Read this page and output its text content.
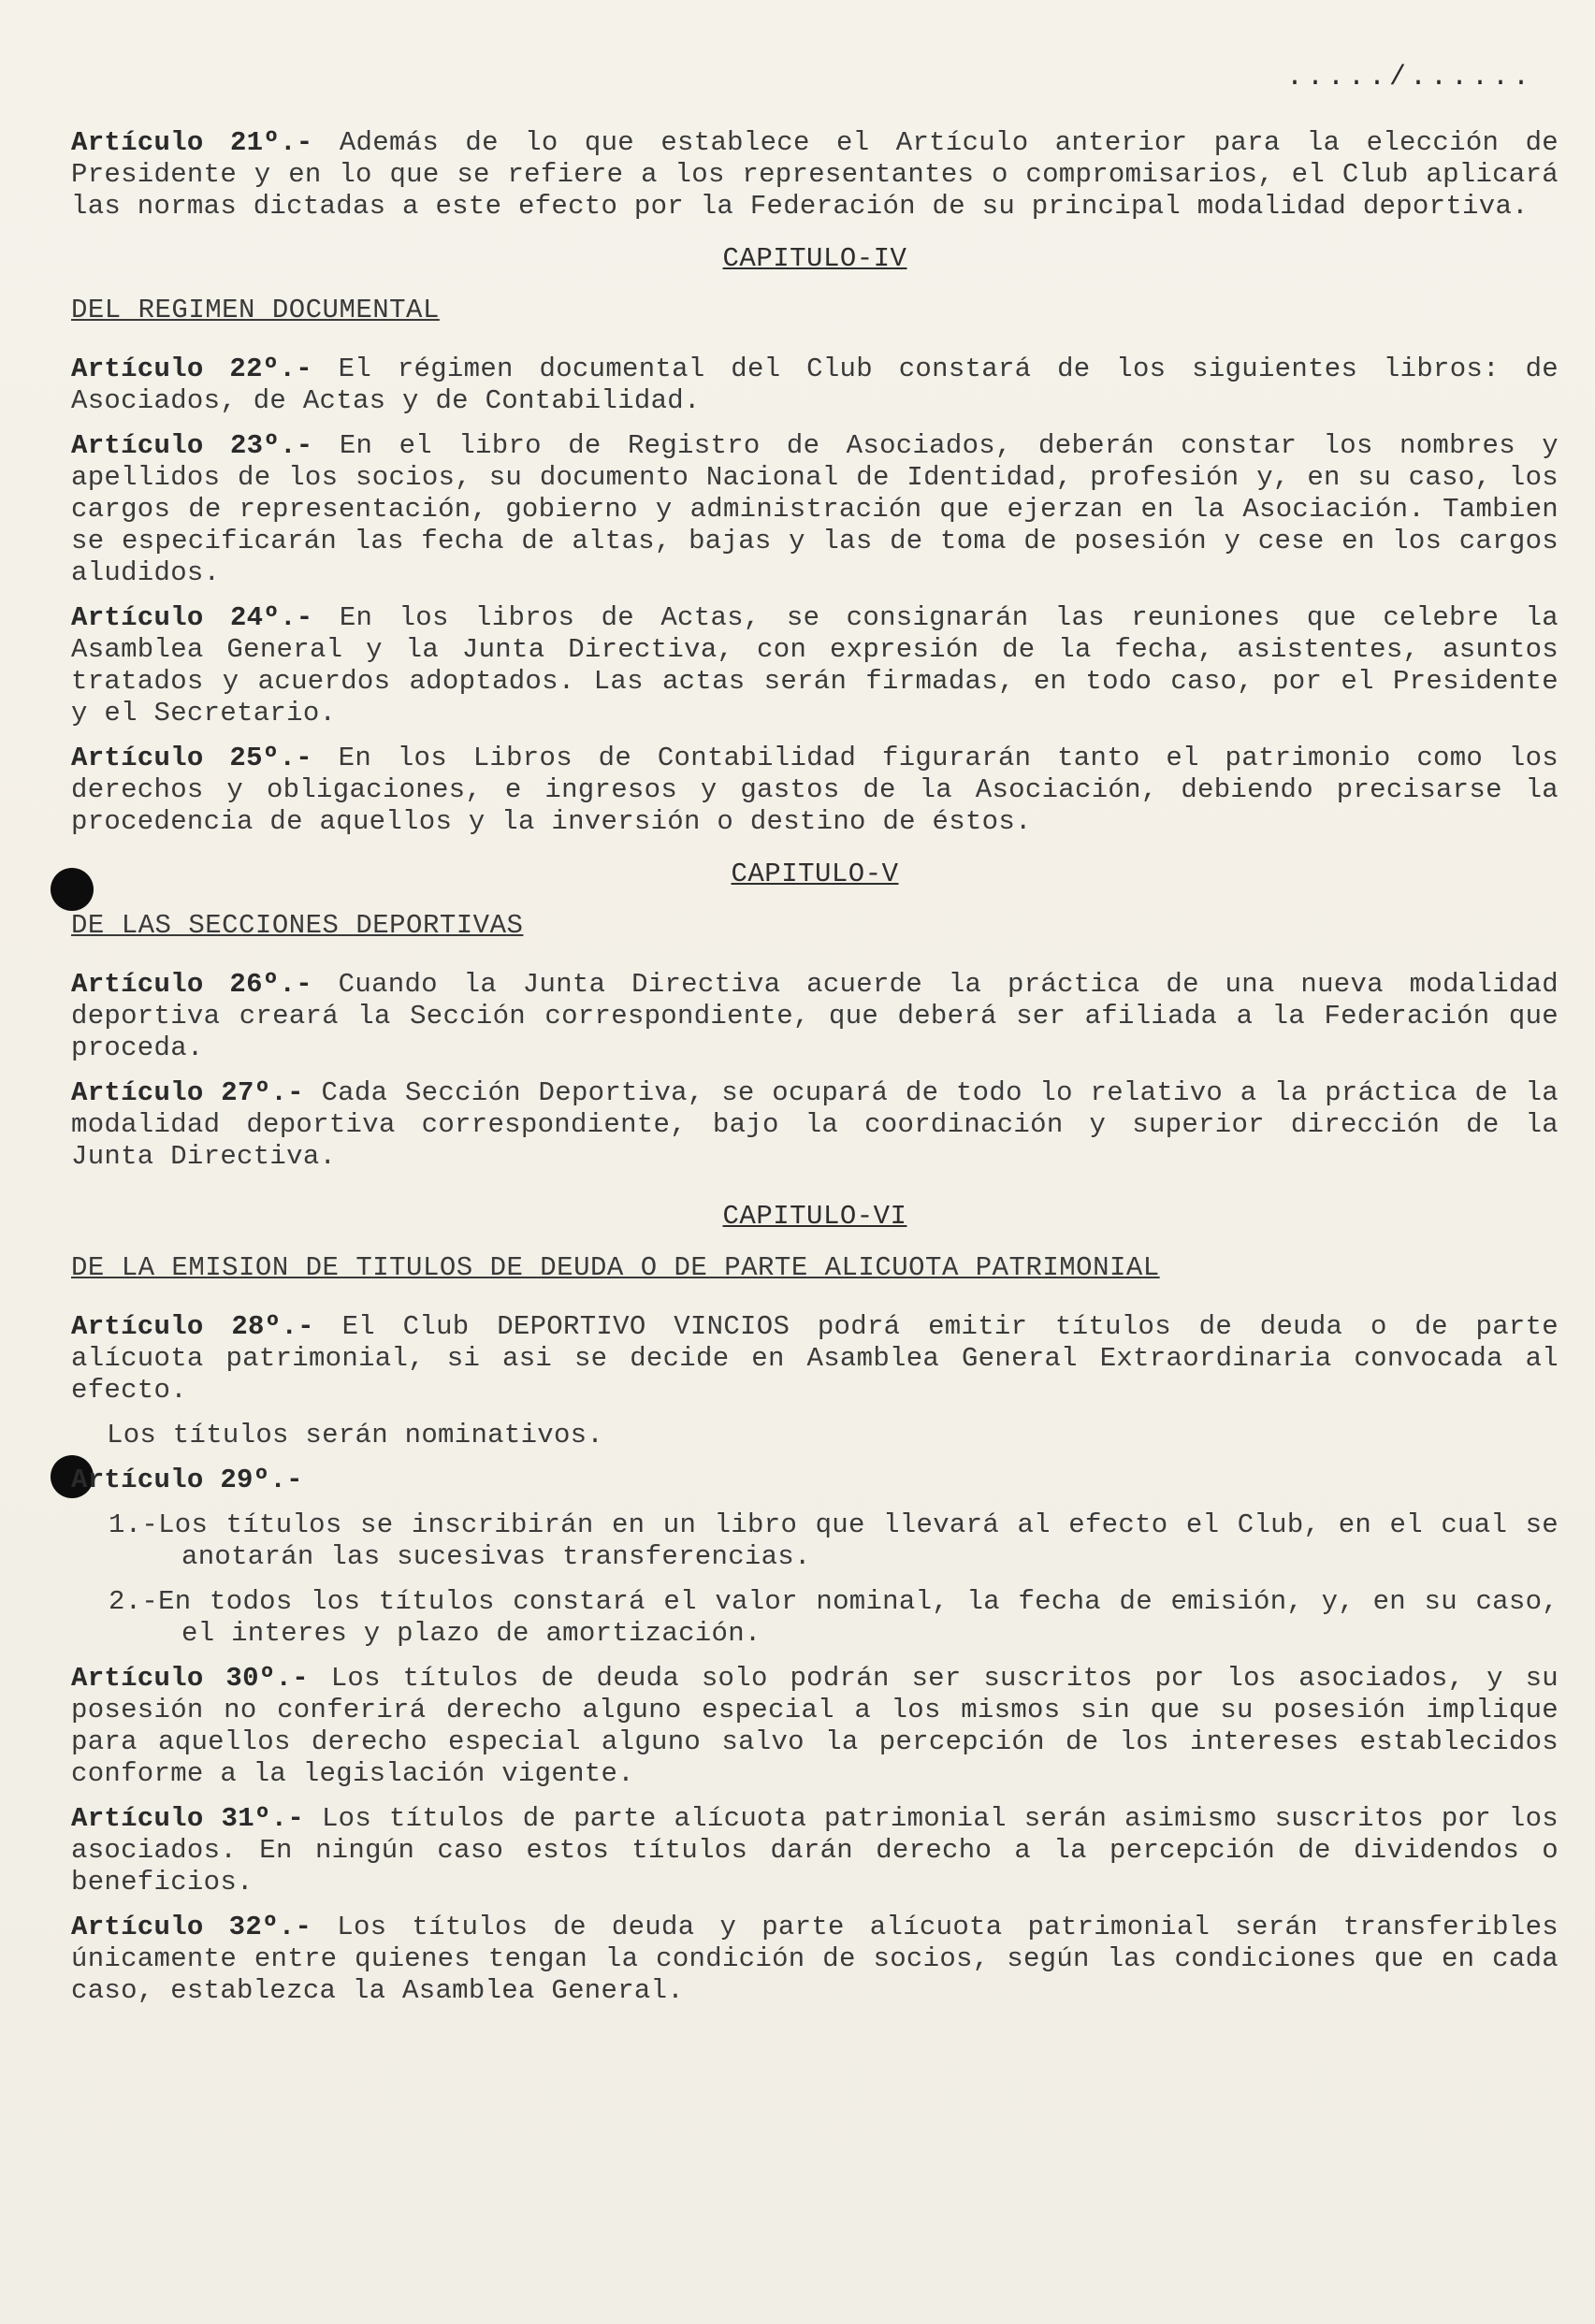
...../......

Artículo 21º.- Además de lo que establece el Artículo anterior para la elección de Presidente y en lo que se refiere a los representantes o compromisarios, el Club aplicará las normas dictadas a este efecto por la Federación de su principal modalidad deportiva.

CAPITULO-IV
DEL REGIMEN DOCUMENTAL

Artículo 22º.- El régimen documental del Club constará de los siguientes libros: de Asociados, de Actas y de Contabilidad.

Artículo 23º.- En el libro de Registro de Asociados, deberán constar los nombres y apellidos de los socios, su documento Nacional de Identidad, profesión y, en su caso, los cargos de representación, gobierno y administración que ejerzan en la Asociación. Tambien se especificarán las fecha de altas, bajas y las de toma de posesión y cese en los cargos aludidos.

Artículo 24º.- En los libros de Actas, se consignarán las reuniones que celebre la Asamblea General y la Junta Directiva, con expresión de la fecha, asistentes, asuntos tratados y acuerdos adoptados. Las actas serán firmadas, en todo caso, por el Presidente y el Secretario.

Artículo 25º.- En los Libros de Contabilidad figurarán tanto el patrimonio como los derechos y obligaciones, e ingresos y gastos de la Asociación, debiendo precisarse la procedencia de aquellos y la inversión o destino de éstos.

CAPITULO-V
DE LAS SECCIONES DEPORTIVAS

Artículo 26º.- Cuando la Junta Directiva acuerde la práctica de una nueva modalidad deportiva creará la Sección correspondiente, que deberá ser afiliada a la Federación que proceda.

Artículo 27º.- Cada Sección Deportiva, se ocupará de todo lo relativo a la práctica de la modalidad deportiva correspondiente, bajo la coordinación y superior dirección de la Junta Directiva.

CAPITULO-VI
DE LA EMISION DE TITULOS DE DEUDA O DE PARTE ALICUOTA PATRIMONIAL

Artículo 28º.- El Club DEPORTIVO VINCIOS podrá emitir títulos de deuda o de parte alícuota patrimonial, si asi se decide en Asamblea General Extraordinaria convocada al efecto.

Los títulos serán nominativos.

Artículo 29º.-

1.-Los títulos se inscribirán en un libro que llevará al efecto el Club, en el cual se anotarán las sucesivas transferencias.

2.-En todos los títulos constará el valor nominal, la fecha de emisión, y, en su caso, el interes y plazo de amortización.

Artículo 30º.- Los títulos de deuda solo podrán ser suscritos por los asociados, y su posesión no conferirá derecho alguno especial a los mismos sin que su posesión implique para aquellos derecho especial alguno salvo la percepción de los intereses establecidos conforme a la legislación vigente.

Artículo 31º.- Los títulos de parte alícuota patrimonial serán asimismo suscritos por los asociados. En ningún caso estos títulos darán derecho a la percepción de dividendos o beneficios.

Artículo 32º.- Los títulos de deuda y parte alícuota patrimonial serán transferibles únicamente entre quienes tengan la condición de socios, según las condiciones que en cada caso, establezca la Asamblea General.
